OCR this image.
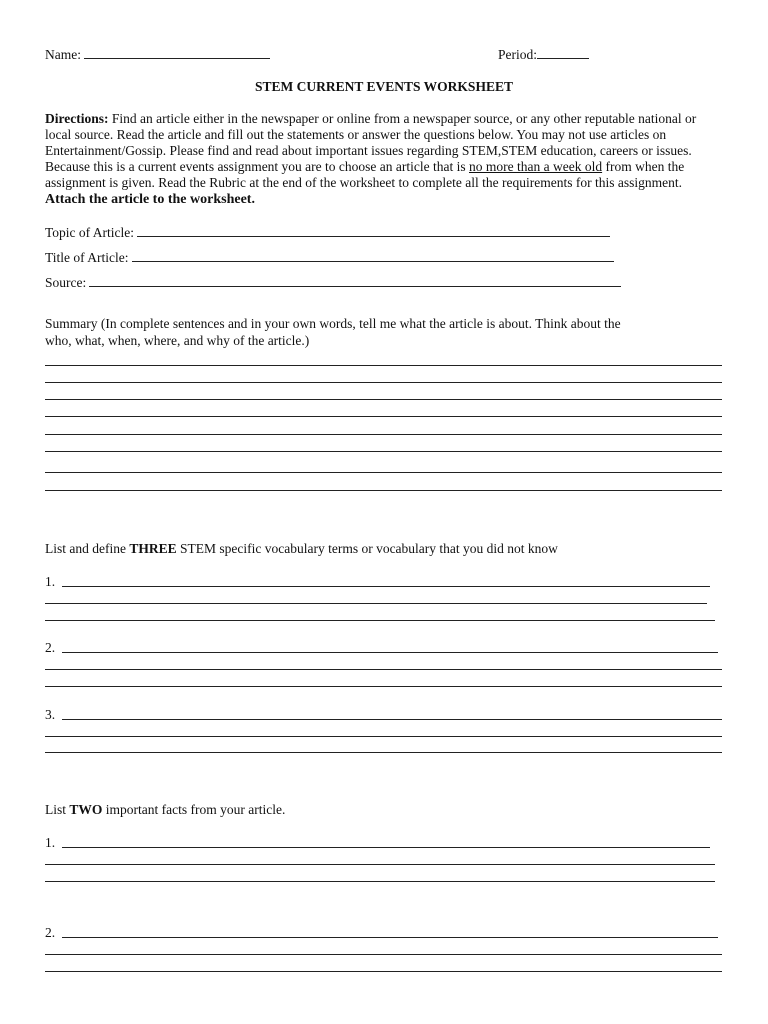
Name:	Period:
STEM CURRENT EVENTS WORKSHEET

Directions: Find an article either in the newspaper or online from a newspaper source, or any other reputable national or local source. Read the article and fill out the statements or answer the questions below. You may not use articles on Entertainment/Gossip. Please find and read about important issues regarding STEM,STEM education, careers or issues. Because this is a current events assignment you are to choose an article that is no more than a week old from when the assignment is given. Read the Rubric at the end of the worksheet to complete all the requirements for this assignment. Attach the article to the worksheet.

Topic of Article:
Title of Article:
Source:
Summary (In complete sentences and in your own words, tell me what the article is about. Think about the
who, what, when, where, and why of the article.)
List and define THREE STEM specific vocabulary terms or vocabulary that you did not know
1.
2.
3.
List TWO important facts from your article.
1.
2.
